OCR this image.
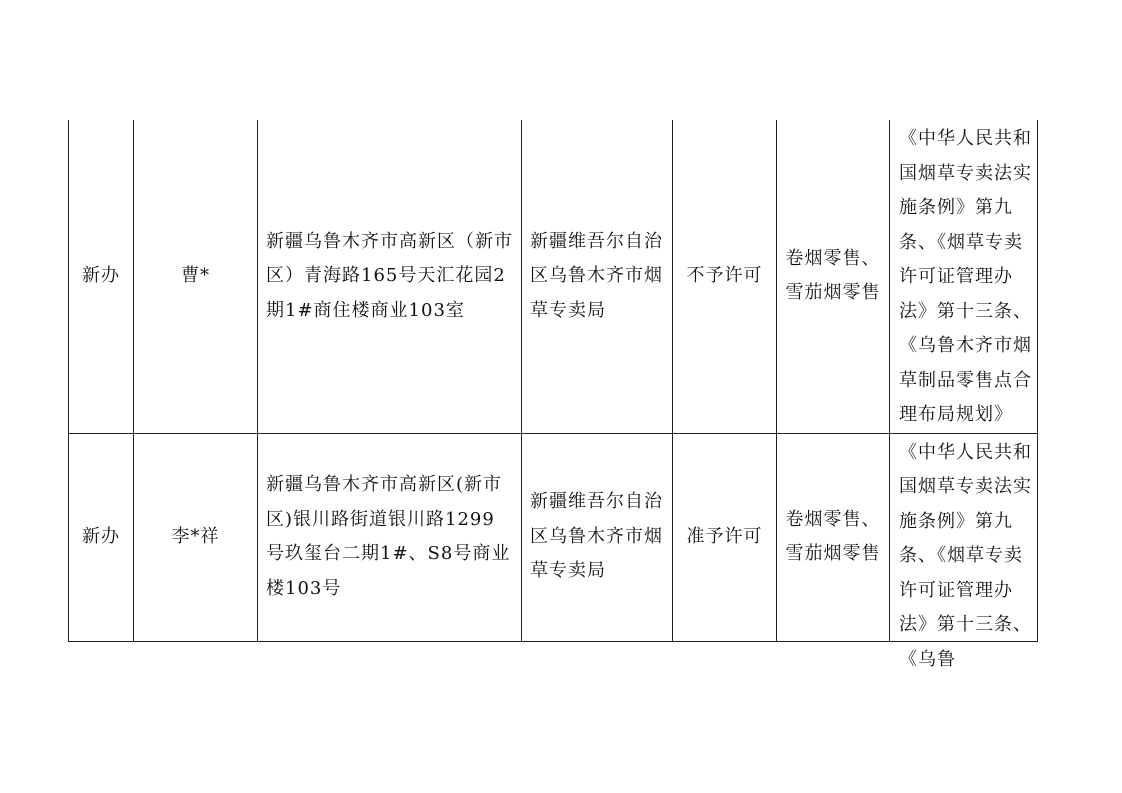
新办	曹*	新疆乌鲁木齐市高新区（新市区）青海路165号天汇花园2期1#商住楼商业103室	新疆维吾尔自治区乌鲁木齐市烟草专卖局	不予许可	卷烟零售、雪茄烟零售	《中华人民共和国烟草专卖法实施条例》第九条、《烟草专卖许可证管理办法》第十三条、《乌鲁木齐市烟草制品零售点合理布局规划》
新办	李*祥	新疆乌鲁木齐市高新区(新市区)银川路街道银川路1299号玖玺台二期1#、S8号商业楼103号	新疆维吾尔自治区乌鲁木齐市烟草专卖局	准予许可	卷烟零售、雪茄烟零售	《中华人民共和国烟草专卖法实施条例》第九条、《烟草专卖许可证管理办法》第十三条、《乌鲁
